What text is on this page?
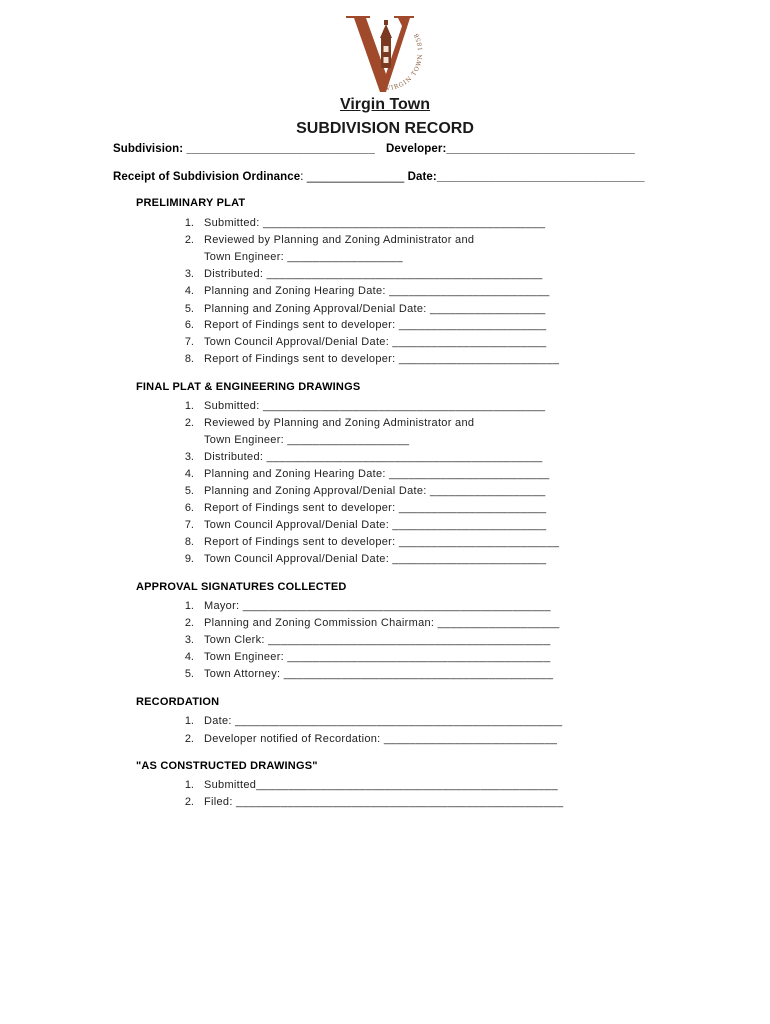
VIRGIN TOWN 1858
Virgin Town
SUBDIVISION RECORD
Subdivision: _____________________________ Developer:_____________________________
Receipt of Subdivision Ordinance: _______________ Date:________________________________
PRELIMINARY PLAT
1. Submitted: ____________________________________________
2. Reviewed by Planning and Zoning Administrator and
Town Engineer: __________________
3. Distributed: ___________________________________________
4. Planning and Zoning Hearing Date: _________________________
5. Planning and Zoning Approval/Denial Date: __________________
6. Report of Findings sent to developer: _______________________
7. Town Council Approval/Denial Date: ________________________
8. Report of Findings sent to developer: _________________________
FINAL PLAT & ENGINEERING DRAWINGS
1. Submitted: ____________________________________________
2. Reviewed by Planning and Zoning Administrator and
Town Engineer: ___________________
3. Distributed: ___________________________________________
4. Planning and Zoning Hearing Date: _________________________
5. Planning and Zoning Approval/Denial Date: __________________
6. Report of Findings sent to developer: _______________________
7. Town Council Approval/Denial Date: ________________________
8. Report of Findings sent to developer: _________________________
9. Town Council Approval/Denial Date: ________________________
APPROVAL SIGNATURES COLLECTED
1. Mayor: ________________________________________________
2. Planning and Zoning Commission Chairman: ___________________
3. Town Clerk: ____________________________________________
4. Town Engineer: _________________________________________
5. Town Attorney: __________________________________________
RECORDATION
1. Date: ___________________________________________________
2. Developer notified of Recordation: ___________________________
"AS CONSTRUCTED DRAWINGS"
1. Submitted_______________________________________________
2. Filed: ___________________________________________________
